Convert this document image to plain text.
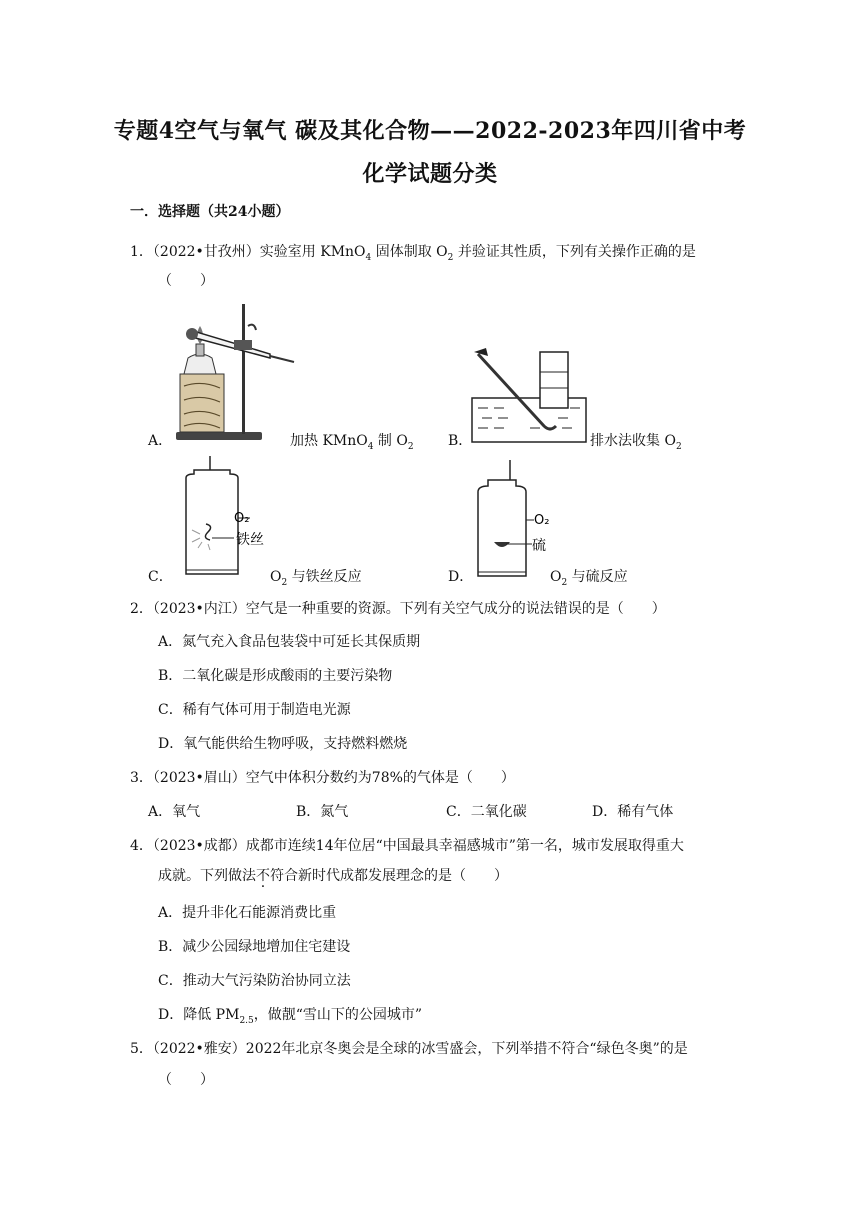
专题4空气与氧气 碳及其化合物——2022-2023年四川省中考
化学试题分类
一．选择题（共24小题）
1．（2022•甘孜州）实验室用 KMnO$_4$ 固体制取 $O_2$ 并验证其性质，下列有关操作正确的是
（　　）
A．	加热 KMnO$_4$ 制 $O_2$ B．	排水法收集 $O_2$
O₂
铁丝
C．	$O_2$ 与铁丝反应
O₂
硫
D．	$O_2$ 与硫反应
2．（2023•内江）空气是一种重要的资源。下列有关空气成分的说法错误的是（　　）
A．氮气充入食品包装袋中可延长其保质期
B．二氧化碳是形成酸雨的主要污染物
C．稀有气体可用于制造电光源
D．氧气能供给生物呼吸，支持燃料燃烧
3．（2023•眉山）空气中体积分数约为78%的气体是（　　）
A．氧气	B．氮气	C．二氧化碳	D．稀有气体
4．（2023•成都）成都市连续14年位居“中国最具幸福感城市”第一名，城市发展取得重大
成就。下列做法不符合新时代成都发展理念的是（　　）
A．提升非化石能源消费比重
B．减少公园绿地增加住宅建设
C．推动大气污染防治协同立法
D．降低 $PM_{2.5}$，做靓“雪山下的公园城市”
5．（2022•雅安）2022年北京冬奥会是全球的冰雪盛会，下列举措不符合“绿色冬奥”的是
（　　）
